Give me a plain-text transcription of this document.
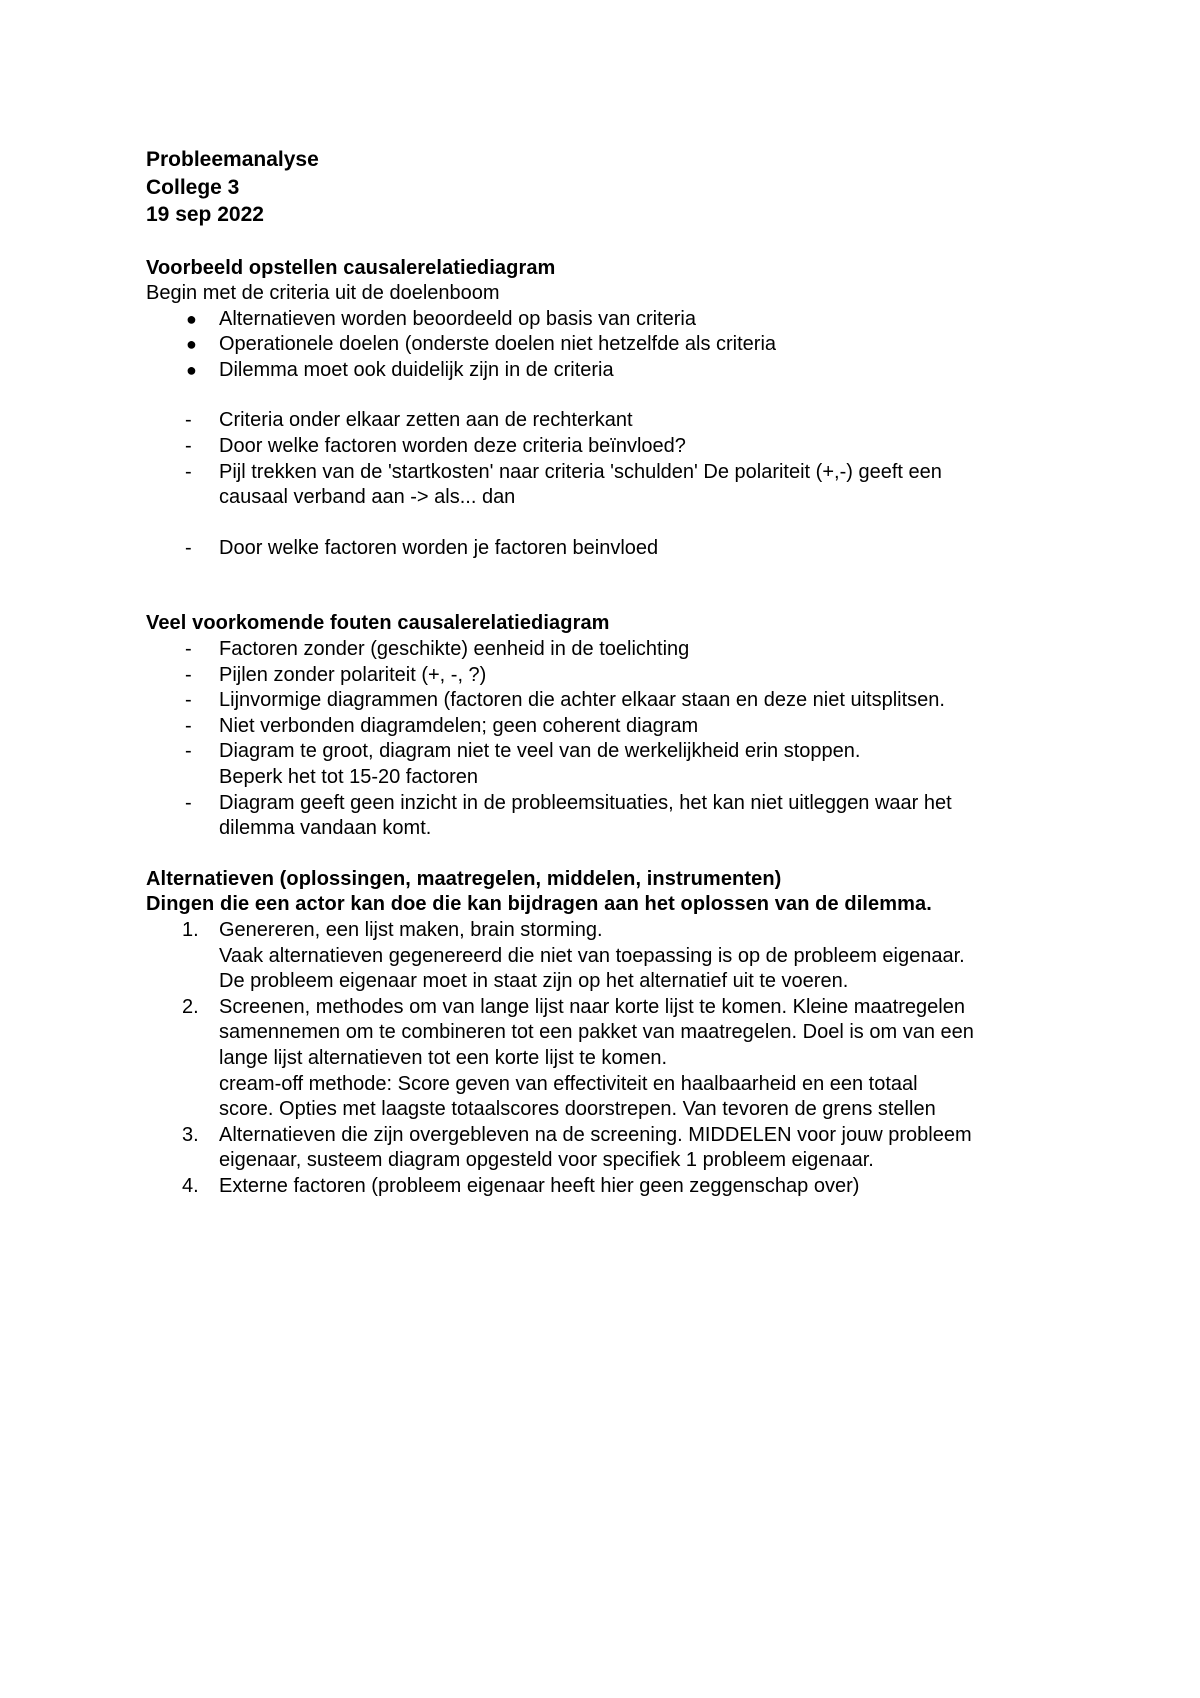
Probleemanalyse

College 3

19 sep 2022

Voorbeeld opstellen causalerelatiediagram

Begin met de criteria uit de doelenboom

●	Alternatieven worden beoordeeld op basis van criteria
●	Operationele doelen (onderste doelen niet hetzelfde als criteria
●	Dilemma moet ook duidelijk zijn in de criteria
-	Criteria onder elkaar zetten aan de rechterkant
-	Door welke factoren worden deze criteria beïnvloed?
-	Pijl trekken van de 'startkosten' naar criteria 'schulden' De polariteit (+,-) geeft een
causaal verband aan -> als... dan
-	Door welke factoren worden je factoren beinvloed

Veel voorkomende fouten causalerelatiediagram

-	Factoren zonder (geschikte) eenheid in de toelichting
-	Pijlen zonder polariteit (+, -, ?)
-	Lijnvormige diagrammen (factoren die achter elkaar staan en deze niet uitsplitsen.
-	Niet verbonden diagramdelen; geen coherent diagram
-	Diagram te groot, diagram niet te veel van de werkelijkheid erin stoppen.
Beperk het tot 15-20 factoren
-	Diagram geeft geen inzicht in de probleemsituaties, het kan niet uitleggen waar het
dilemma vandaan komt.

Alternatieven (oplossingen, maatregelen, middelen, instrumenten)

Dingen die een actor kan doe die kan bijdragen aan het oplossen van de dilemma.

1.	Genereren, een lijst maken, brain storming.
Vaak alternatieven gegenereerd die niet van toepassing is op de probleem eigenaar.
De probleem eigenaar moet in staat zijn op het alternatief uit te voeren.
2.	Screenen, methodes om van lange lijst naar korte lijst te komen. Kleine maatregelen
samennemen om te combineren tot een pakket van maatregelen. Doel is om van een
lange lijst alternatieven tot een korte lijst te komen.
cream-off methode: Score geven van effectiviteit en haalbaarheid en een totaal
score. Opties met laagste totaalscores doorstrepen. Van tevoren de grens stellen
3.	Alternatieven die zijn overgebleven na de screening. MIDDELEN voor jouw probleem
eigenaar, susteem diagram opgesteld voor specifiek 1 probleem eigenaar.
4.	Externe factoren (probleem eigenaar heeft hier geen zeggenschap over)
